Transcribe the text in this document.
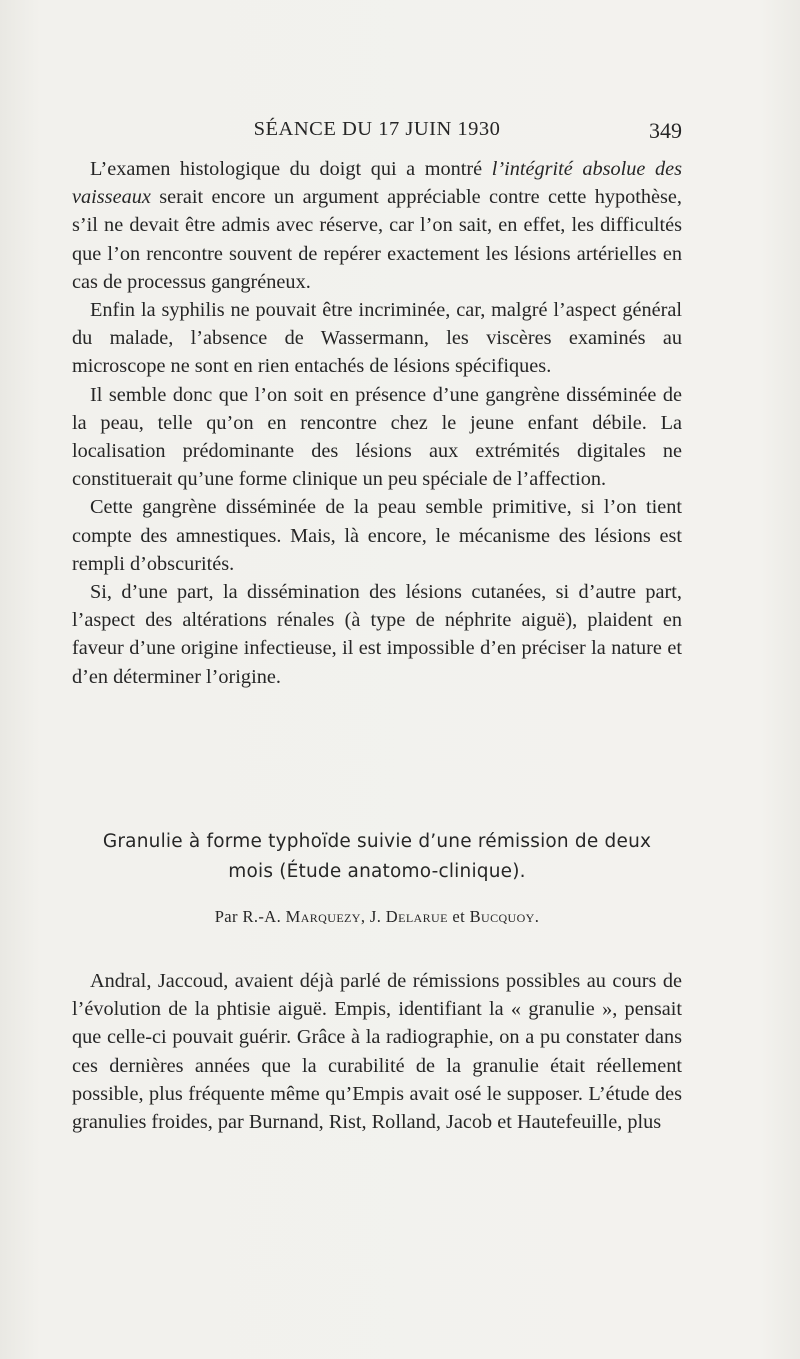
SÉANCE DU 17 JUIN 1930	349

L’examen histologique du doigt qui a montré l’intégrité absolue des vaisseaux serait encore un argument appréciable contre cette hypothèse, s’il ne devait être admis avec réserve, car l’on sait, en effet, les difficultés que l’on rencontre souvent de repérer exactement les lésions artérielles en cas de processus gangréneux.

Enfin la syphilis ne pouvait être incriminée, car, malgré l’aspect général du malade, l’absence de Wassermann, les viscères examinés au microscope ne sont en rien entachés de lésions spécifiques.

Il semble donc que l’on soit en présence d’une gangrène disséminée de la peau, telle qu’on en rencontre chez le jeune enfant débile. La localisation prédominante des lésions aux extrémités digitales ne constituerait qu’une forme clinique un peu spéciale de l’affection.

Cette gangrène disséminée de la peau semble primitive, si l’on tient compte des amnestiques. Mais, là encore, le mécanisme des lésions est rempli d’obscurités.

Si, d’une part, la dissémination des lésions cutanées, si d’autre part, l’aspect des altérations rénales (à type de néphrite aiguë), plaident en faveur d’une origine infectieuse, il est impossible d’en préciser la nature et d’en déterminer l’origine.

Granulie à forme typhoïde suivie d’une rémission de deux
mois (Étude anatomo-clinique).
Par R.-A. Marquezy, J. Delarue et Bucquoy.

Andral, Jaccoud, avaient déjà parlé de rémissions possibles au cours de l’évolution de la phtisie aiguë. Empis, identifiant la « granulie », pensait que celle-ci pouvait guérir. Grâce à la radiographie, on a pu constater dans ces dernières années que la curabilité de la granulie était réellement possible, plus fréquente même qu’Empis avait osé le supposer. L’étude des granulies froides, par Burnand, Rist, Rolland, Jacob et Hautefeuille, plus
